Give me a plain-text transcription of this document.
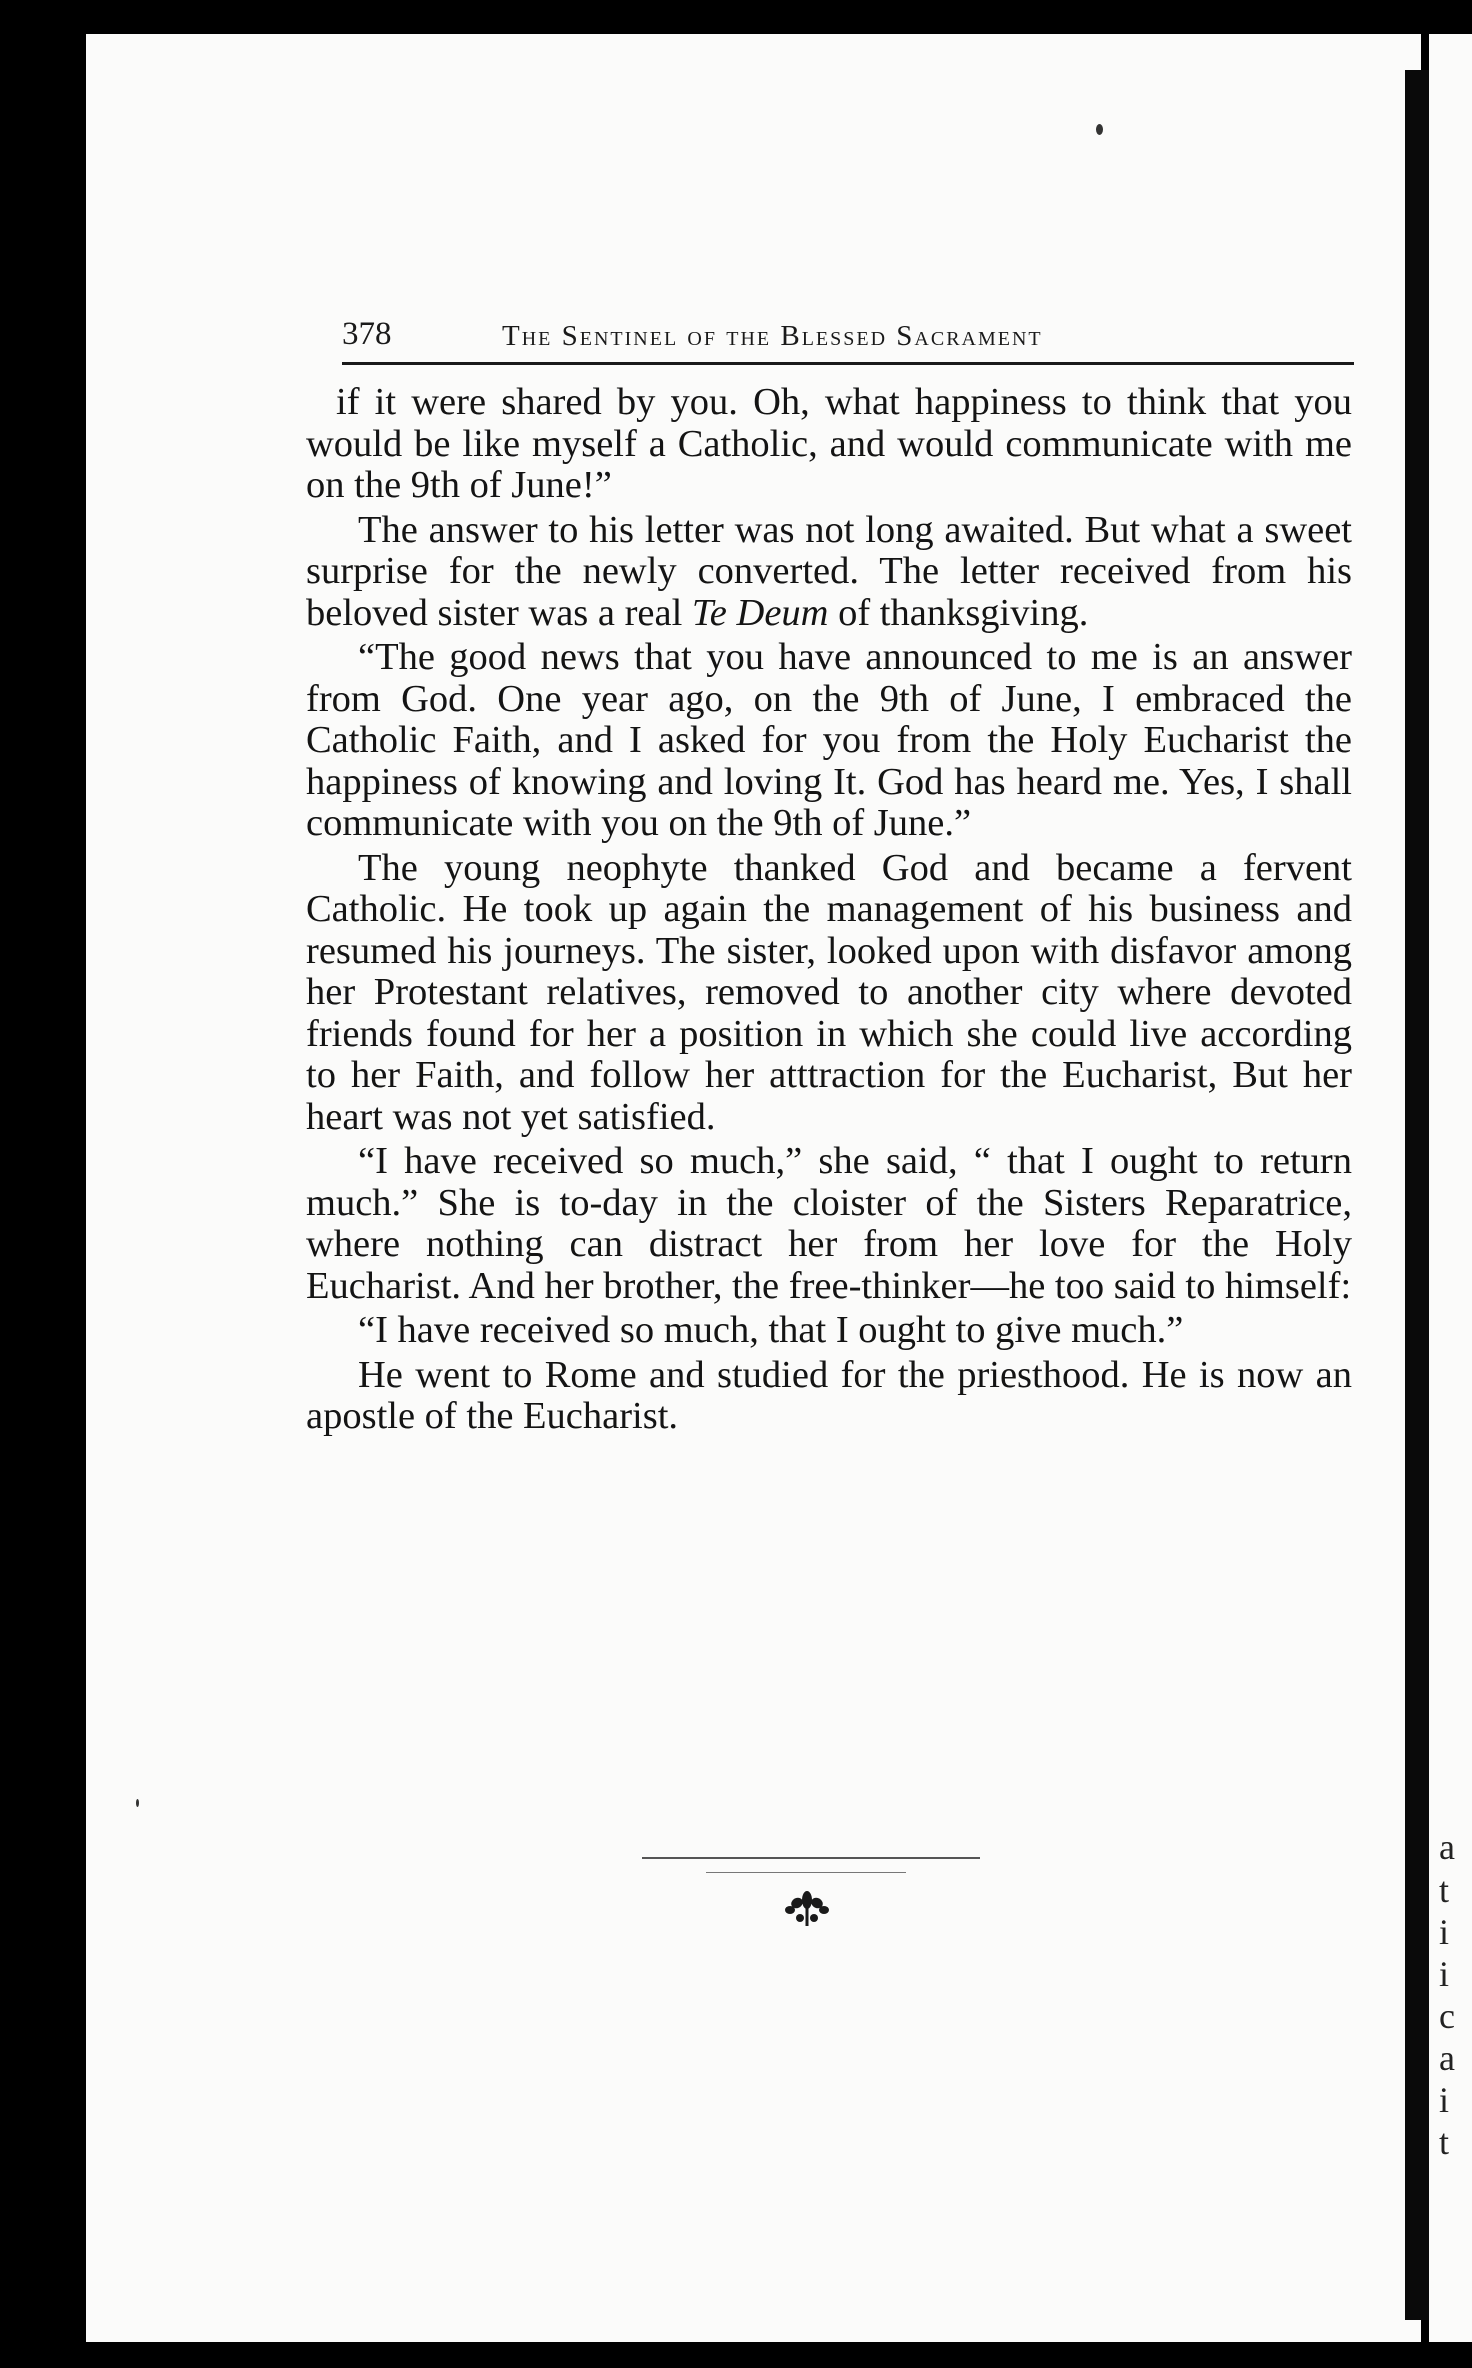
378	The Sentinel of the Blessed Sacrament

if it were shared by you. Oh, what happiness to think that you would be like myself a Catholic, and would communicate with me on the 9th of June!”

The answer to his letter was not long awaited. But what a sweet surprise for the newly converted. The letter received from his beloved sister was a real Te Deum of thanksgiving.

“The good news that you have announced to me is an answer from God. One year ago, on the 9th of June, I embraced the Catholic Faith, and I asked for you from the Holy Eucharist the happiness of knowing and loving It. God has heard me. Yes, I shall communicate with you on the 9th of June.”

The young neophyte thanked God and became a fervent Catholic. He took up again the management of his business and resumed his journeys. The sister, looked upon with disfavor among her Protestant relatives, removed to another city where devoted friends found for her a position in which she could live according to her Faith, and follow her atttraction for the Eucharist, But her heart was not yet satisfied.

“I have received so much,” she said, “ that I ought to return much.” She is to-day in the cloister of the Sisters Reparatrice, where nothing can distract her from her love for the Holy Eucharist. And her brother, the free-thinker—he too said to himself:

“I have received so much, that I ought to give much.”

He went to Rome and studied for the priesthood. He is now an apostle of the Eucharist.

a
t
i
i
c
a
i
t
